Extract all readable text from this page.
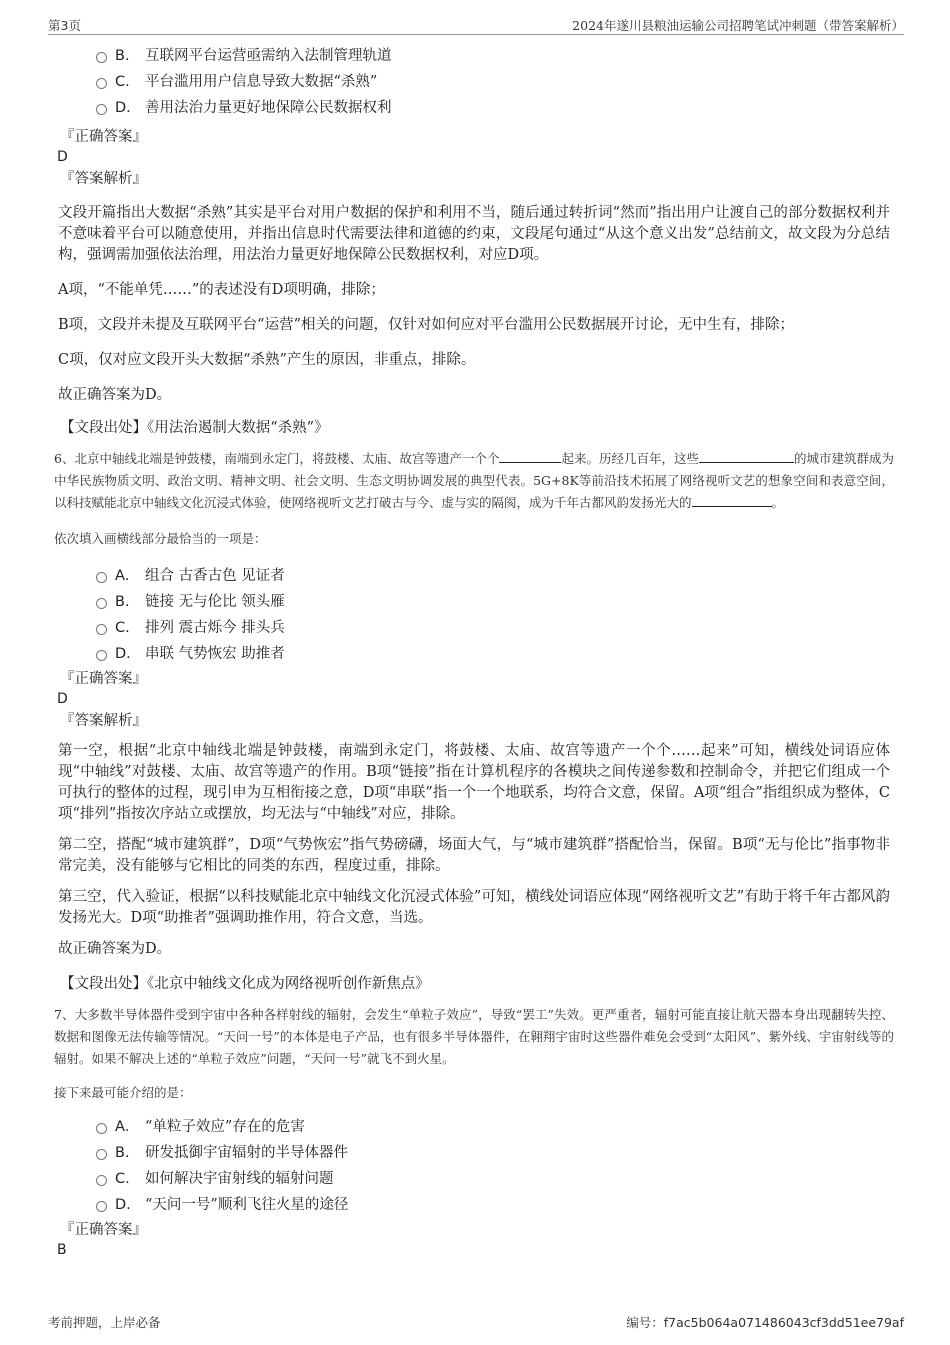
第3页	2024年遂川县粮油运输公司招聘笔试冲刺题（带答案解析）
B. 互联网平台运营亟需纳入法制管理轨道
C. 平台滥用用户信息导致大数据“杀熟”
D. 善用法治力量更好地保障公民数据权利
『正确答案』
D
『答案解析』
文段开篇指出大数据“杀熟”其实是平台对用户数据的保护和利用不当，随后通过转折词“然而”指出用户让渡自己的部分数据权利并不意味着平台可以随意使用，并指出信息时代需要法律和道德的约束，文段尾句通过“从这个意义出发”总结前文，故文段为分总结构，强调需加强依法治理，用法治力量更好地保障公民数据权利，对应D项。
A项，“不能单凭……”的表述没有D项明确，排除；
B项，文段并未提及互联网平台“运营”相关的问题，仅针对如何应对平台滥用公民数据展开讨论，无中生有，排除；
C项，仅对应文段开头大数据“杀熟”产生的原因，非重点，排除。
故正确答案为D。
【文段出处】《用法治遏制大数据“杀熟”》
6、北京中轴线北端是钟鼓楼，南端到永定门，将鼓楼、太庙、故宫等遗产一个个	起来。历经几百年，这些	的城市建筑群成为中华民族物质文明、政治文明、精神文明、社会文明、生态文明协调发展的典型代表。5G+8K等前沿技术拓展了网络视听文艺的想象空间和表意空间，以科技赋能北京中轴线文化沉浸式体验，使网络视听文艺打破古与今、虚与实的隔阂，成为千年古都风韵发扬光大的	。
依次填入画横线部分最恰当的一项是：
A． 组合 古香古色 见证者
B. 链接 无与伦比 领头雁
C. 排列 震古烁今 排头兵
D. 串联 气势恢宏 助推者
『正确答案』
D
『答案解析』
第一空，根据“北京中轴线北端是钟鼓楼，南端到永定门，将鼓楼、太庙、故宫等遗产一个个……起来”可知，横线处词语应体现“中轴线”对鼓楼、太庙、故宫等遗产的作用。B项“链接”指在计算机程序的各模块之间传递参数和控制命令，并把它们组成一个可执行的整体的过程，现引申为互相衔接之意，D项“串联”指一个一个地联系，均符合文意，保留。A项“组合”指组织成为整体，C项“排列”指按次序站立或摆放，均无法与“中轴线”对应，排除。
第二空，搭配“城市建筑群”，D项“气势恢宏”指气势磅礴，场面大气，与“城市建筑群”搭配恰当，保留。B项“无与伦比”指事物非常完美，没有能够与它相比的同类的东西，程度过重，排除。
第三空，代入验证，根据“以科技赋能北京中轴线文化沉浸式体验”可知，横线处词语应体现“网络视听文艺”有助于将千年古都风韵发扬光大。D项“助推者”强调助推作用，符合文意，当选。
故正确答案为D。
【文段出处】《北京中轴线文化成为网络视听创作新焦点》
7、大多数半导体器件受到宇宙中各种各样射线的辐射，会发生“单粒子效应”，导致“罢工”失效。更严重者，辐射可能直接让航天器本身出现翻转失控、数据和图像无法传输等情况。“天问一号”的本体是电子产品，也有很多半导体器件，在翱翔宇宙时这些器件难免会受到“太阳风”、紫外线、宇宙射线等的辐射。如果不解决上述的“单粒子效应”问题，“天问一号”就飞不到火星。
接下来最可能介绍的是：
A． “单粒子效应”存在的危害
B. 研发抵御宇宙辐射的半导体器件
C. 如何解决宇宙射线的辐射问题
D. “天问一号”顺利飞往火星的途径
『正确答案』
B
考前押题，上岸必备	编号：f7ac5b064a071486043cf3dd51ee79af
